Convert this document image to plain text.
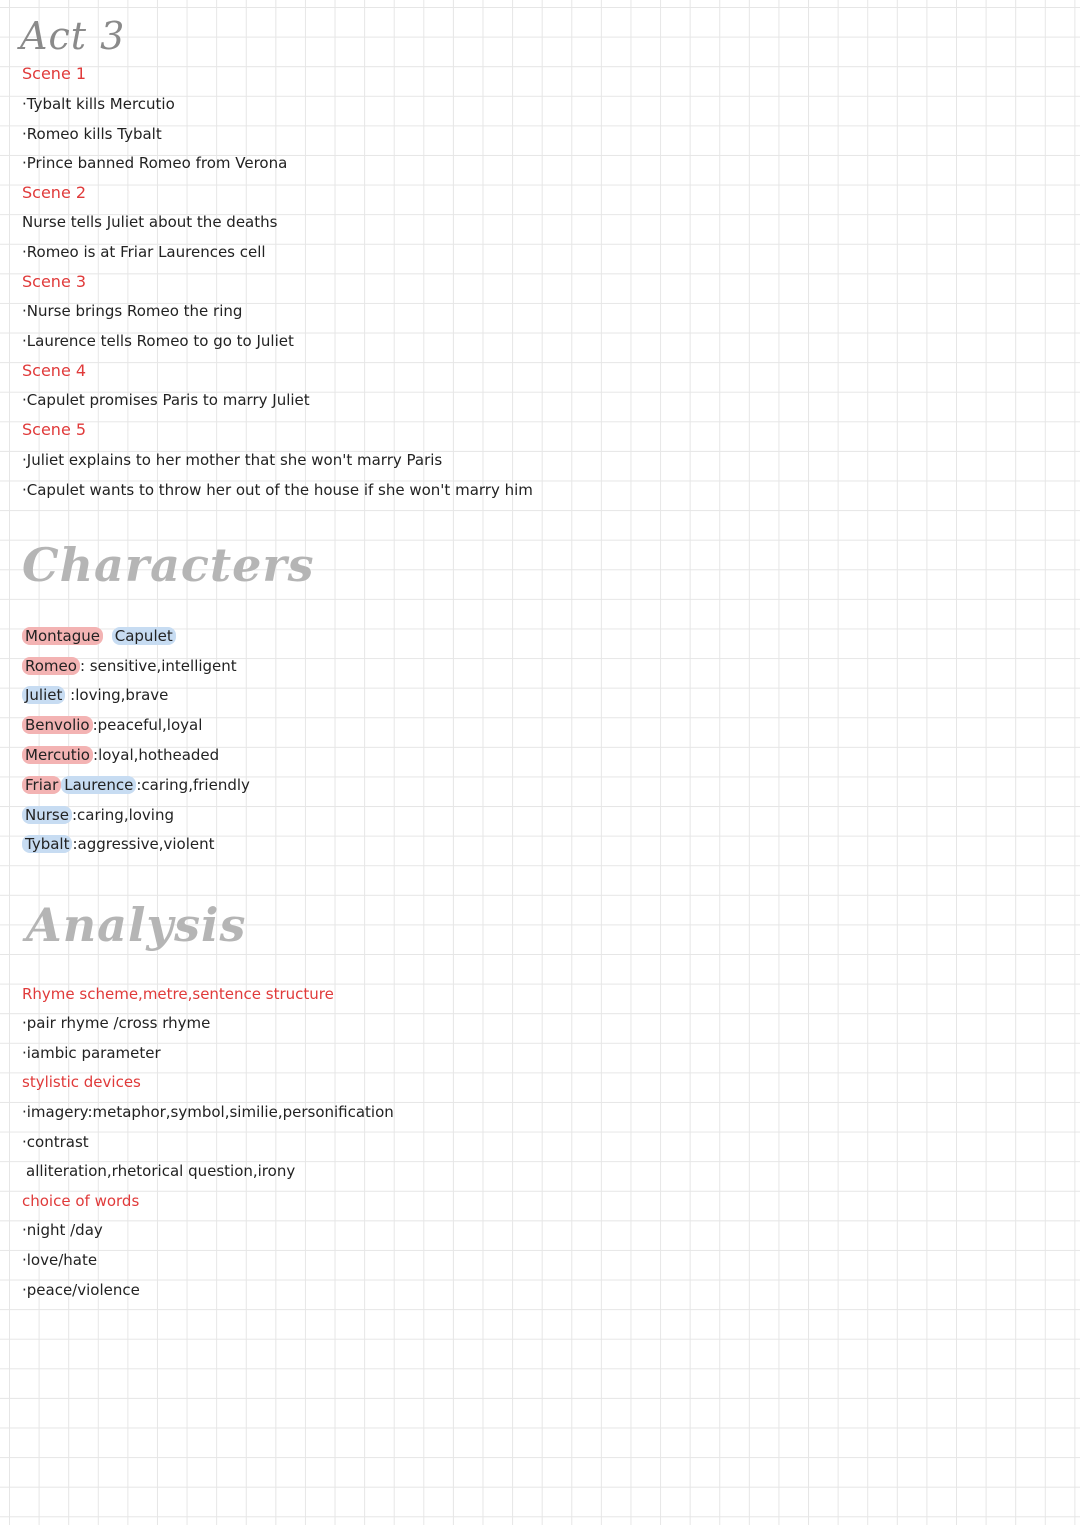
Act 3
Scene 1
·Tybalt kills Mercutio
·Romeo kills Tybalt
·Prince banned Romeo from Verona
Scene 2
Nurse tells Juliet about the deaths
·Romeo is at Friar Laurences cell
Scene 3
·Nurse brings Romeo the ring
·Laurence tells Romeo to go to Juliet
Scene 4
·Capulet promises Paris to marry Juliet
Scene 5
·Juliet explains to her mother that she won't marry Paris
·Capulet wants to throw her out of the house if she won't marry him
Characters
Montague Capulet
Romeo : sensitive,intelligent
Juliet :loving,brave
Benvolio :peaceful,loyal
Mercutio :loyal,hotheaded
Friar Laurence :caring,friendly
Nurse :caring,loving
Tybalt :aggressive,violent
Analysis
Rhyme scheme,metre,sentence structure
·pair rhyme /cross rhyme
·iambic parameter
stylistic devices
·imagery:metaphor,symbol,similie,personification
·contrast
alliteration,rhetorical question,irony
choice of words
·night /day
·love/hate
·peace/violence
